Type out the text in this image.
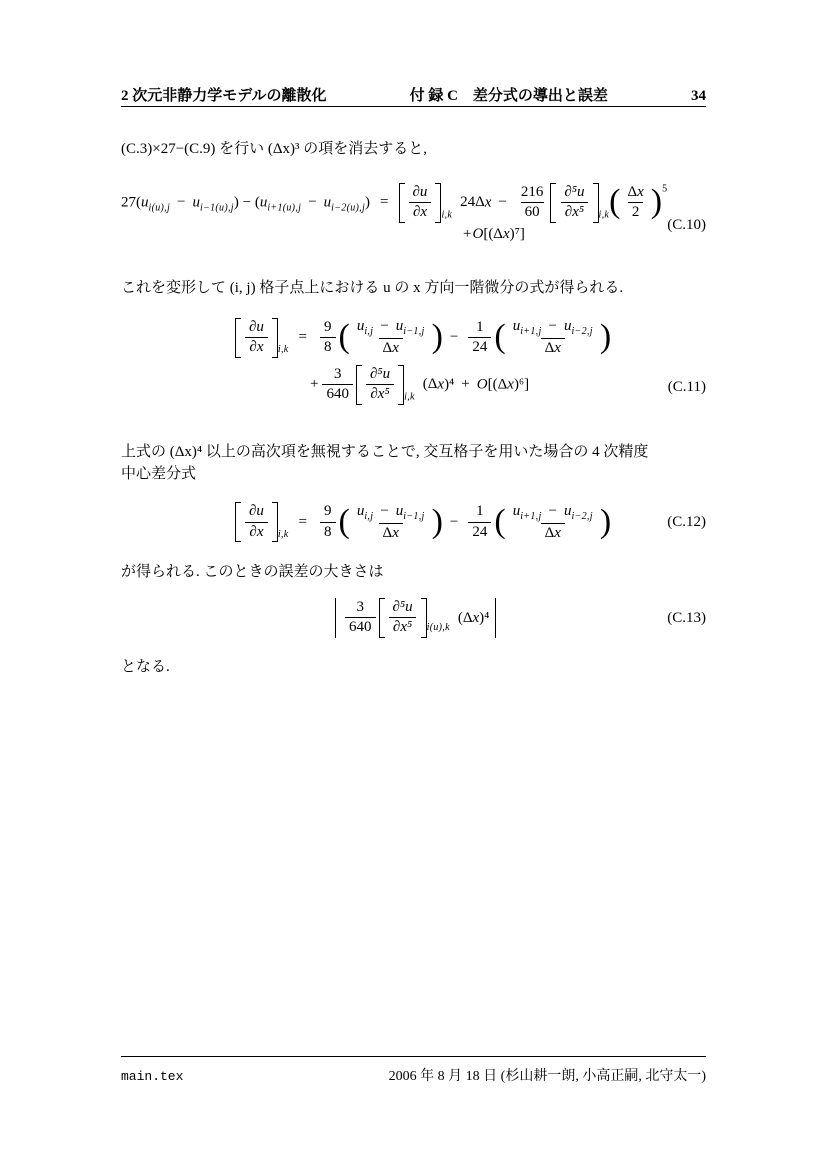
2 次元非静力学モデルの離散化	付 録 C　差分式の導出と誤差	34

(C.3)×27−(C.9) を行い (Δx)³ の項を消去すると,

$27(u_{i(u),j} - u_{i-1(u),j}) - (u_{i+1(u),j} - u_{i-2(u),j}) = \frac{\partial u}{\partial x} _{i,k}24\Delta x - \frac{216}{60} \frac{\text{∂⁵u}}{\text{∂x⁵}} _{i,k}$ ( $\frac{\Delta x}{2}$ ) $^5$
+O[(Δx)⁷]
(C.10)

これを変形して (i, j) 格子点上における u の x 方向一階微分の式が得られる.

$\frac{\partial u}{\partial x} _{i,k}= \frac{9}{8}$ ( $\frac{u_{i,j} - u_{i-1,j}}{\Delta x}$ ) − $\frac{1}{24}$ ( $\frac{u_{i+1,j} - u_{i-2,j}}{\Delta x}$ )
+ $\frac{3}{640} \frac{\text{∂⁵u}}{\text{∂x⁵}} _{i,k}(\Delta x)^4 + O[(\Delta x)^6]$	(C.11)

上式の (Δx)⁴ 以上の高次項を無視することで, 交互格子を用いた場合の 4 次精度
中心差分式

$\frac{\partial u}{\partial x} _{i,k}= \frac{9}{8}$ ( $\frac{u_{i,j} - u_{i-1,j}}{\Delta x}$ ) − $\frac{1}{24}$ ( $\frac{u_{i+1,j} - u_{i-2,j}}{\Delta x}$ )	(C.12)

が得られる. このときの誤差の大きさは

$\frac{3}{640} \frac{\text{∂⁵u}}{\text{∂x⁵}} _{i(u),k}$
(Δ x )⁴	(C.13)

となる.

main.tex	2006 年 8 月 18 日 (杉山耕一朗, 小高正嗣, 北守太一)
